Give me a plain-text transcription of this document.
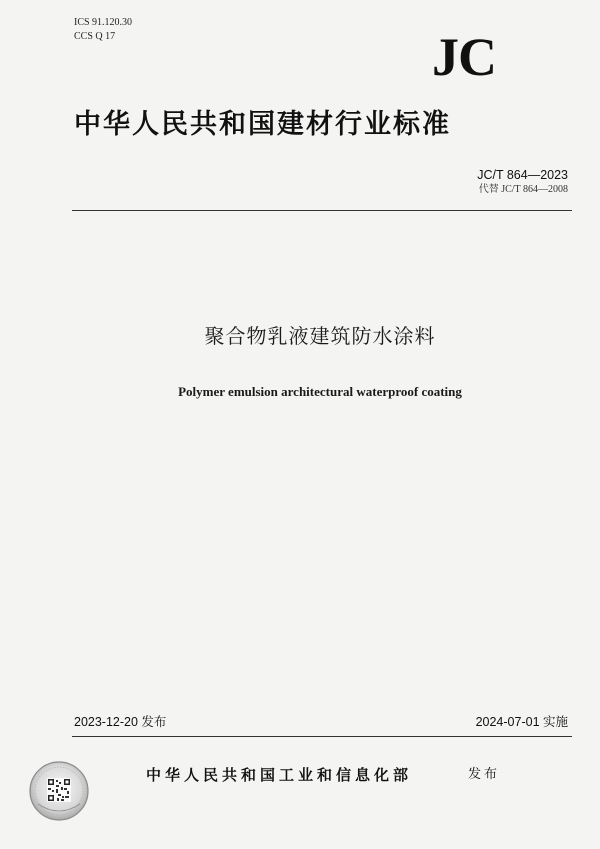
ICS 91.120.30
CCS Q 17	JC
中华人民共和国建材行业标准
JC/T 864—2023
代替 JC/T 864—2008
聚合物乳液建筑防水涂料
Polymer emulsion architectural waterproof coating
2023-12-20 发布	2024-07-01 实施
中华人民共和国工业和信息化部	发布
